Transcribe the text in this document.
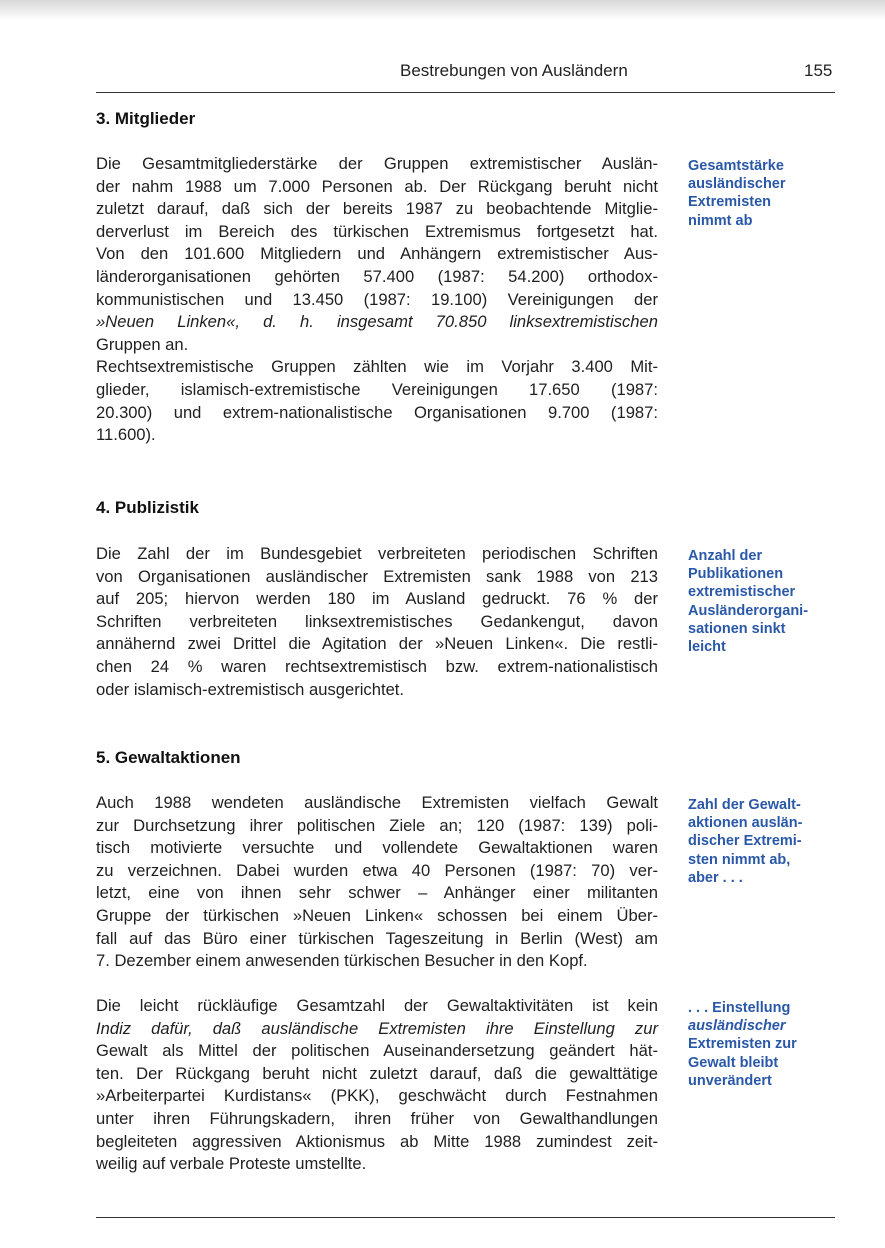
Bestrebungen von Ausländern	155
3. Mitglieder
Die Gesamtmitgliederstärke der Gruppen extremistischer Auslän-
der nahm 1988 um 7.000 Personen ab. Der Rückgang beruht nicht
zuletzt darauf, daß sich der bereits 1987 zu beobachtende Mitglie-
derverlust im Bereich des türkischen Extremismus fortgesetzt hat.
Von den 101.600 Mitgliedern und Anhängern extremistischer Aus-
länderorganisationen gehörten 57.400 (1987: 54.200) orthodox-
kommunistischen und 13.450 (1987: 19.100) Vereinigungen der
»Neuen Linken«, d. h. insgesamt 70.850 linksextremistischen
Gruppen an.
Rechtsextremistische Gruppen zählten wie im Vorjahr 3.400 Mit-
glieder, islamisch-extremistische Vereinigungen 17.650 (1987:
20.300) und extrem-nationalistische Organisationen 9.700 (1987:
11.600).
Gesamtstärke
ausländischer
Extremisten
nimmt ab
4. Publizistik
Die Zahl der im Bundesgebiet verbreiteten periodischen Schriften
von Organisationen ausländischer Extremisten sank 1988 von 213
auf 205; hiervon werden 180 im Ausland gedruckt. 76 % der
Schriften verbreiteten linksextremistisches Gedankengut, davon
annähernd zwei Drittel die Agitation der »Neuen Linken«. Die restli-
chen 24 % waren rechtsextremistisch bzw. extrem-nationalistisch
oder islamisch-extremistisch ausgerichtet.
Anzahl der
Publikationen
extremistischer
Ausländerorgani-
sationen sinkt
leicht
5. Gewaltaktionen
Auch 1988 wendeten ausländische Extremisten vielfach Gewalt
zur Durchsetzung ihrer politischen Ziele an; 120 (1987: 139) poli-
tisch motivierte versuchte und vollendete Gewaltaktionen waren
zu verzeichnen. Dabei wurden etwa 40 Personen (1987: 70) ver-
letzt, eine von ihnen sehr schwer – Anhänger einer militanten
Gruppe der türkischen »Neuen Linken« schossen bei einem Über-
fall auf das Büro einer türkischen Tageszeitung in Berlin (West) am
7. Dezember einem anwesenden türkischen Besucher in den Kopf.
Zahl der Gewalt-
aktionen auslän-
discher Extremi-
sten nimmt ab,
aber . . .
Die leicht rückläufige Gesamtzahl der Gewaltaktivitäten ist kein
Indiz dafür, daß ausländische Extremisten ihre Einstellung zur
Gewalt als Mittel der politischen Auseinandersetzung geändert hät-
ten. Der Rückgang beruht nicht zuletzt darauf, daß die gewalttätige
»Arbeiterpartei Kurdistans« (PKK), geschwächt durch Festnahmen
unter ihren Führungskadern, ihren früher von Gewalthandlungen
begleiteten aggressiven Aktionismus ab Mitte 1988 zumindest zeit-
weilig auf verbale Proteste umstellte.
. . . Einstellung
ausländischer
Extremisten zur
Gewalt bleibt
unverändert
